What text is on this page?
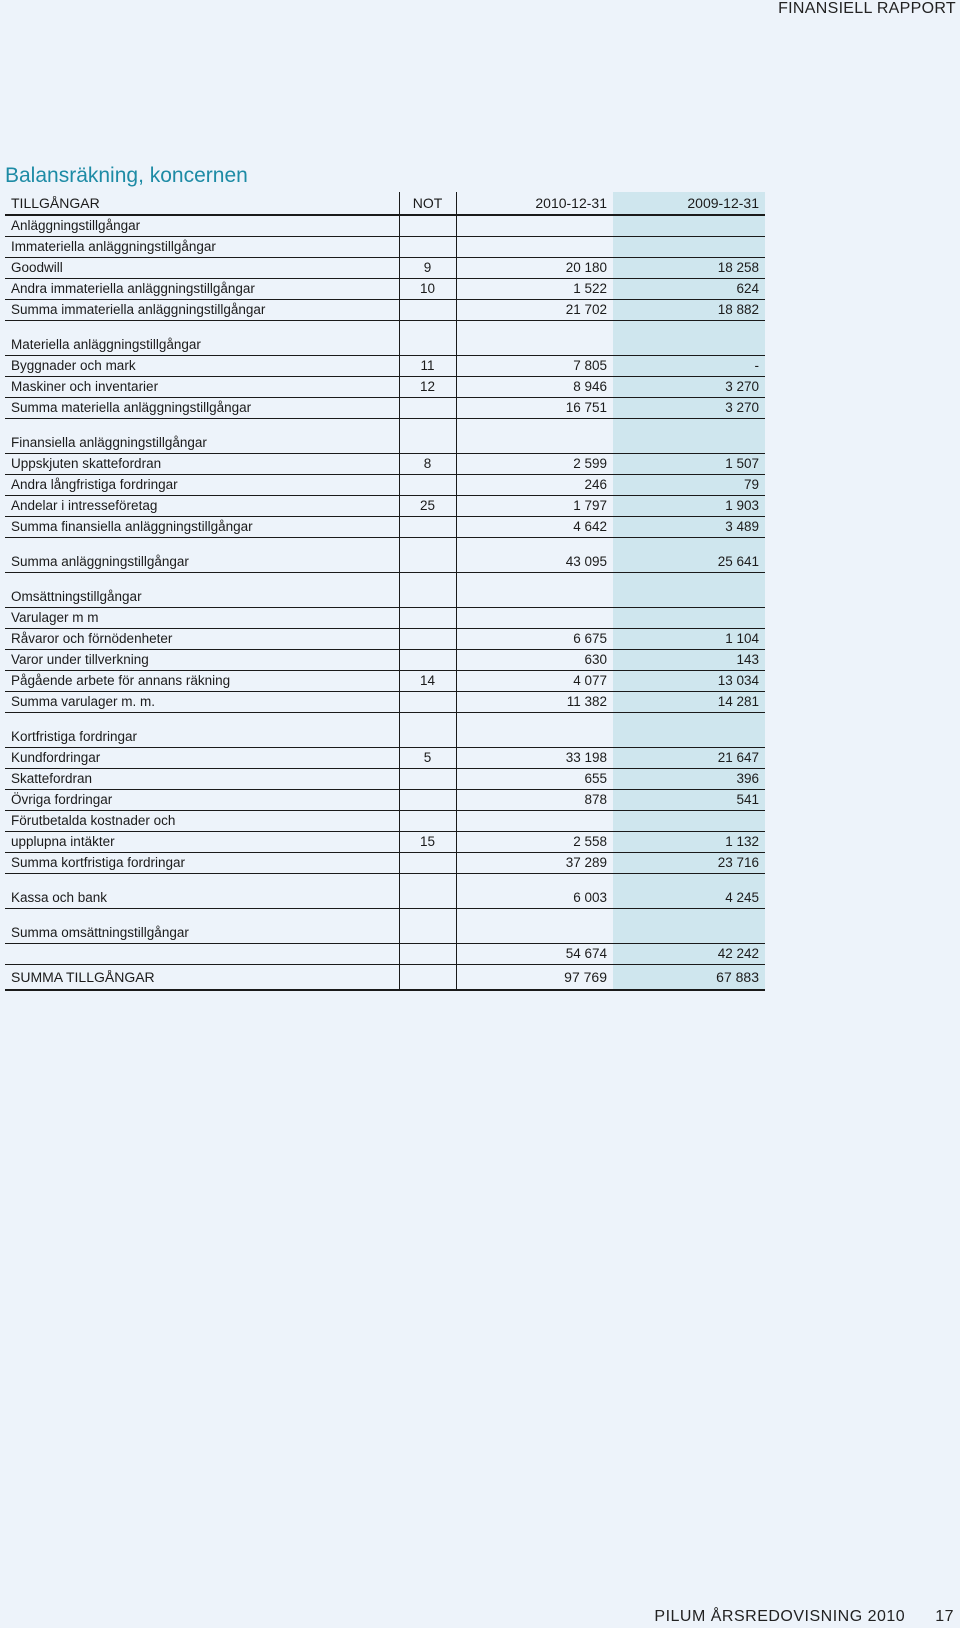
FINANSIELL RAPPORT
Balansräkning, koncernen
TILLGÅNGAR	NOT	2010-12-31	2009-12-31
Anläggningstillgångar			
Immateriella anläggningstillgångar			
Goodwill	9	20 180	18 258
Andra immateriella anläggningstillgångar	10	1 522	624
Summa immateriella anläggningstillgångar		21 702	18 882

Materiella anläggningstillgångar			
Byggnader och mark	11	7 805	-
Maskiner och inventarier	12	8 946	3 270
Summa materiella anläggningstillgångar		16 751	3 270

Finansiella anläggningstillgångar			
Uppskjuten skattefordran	8	2 599	1 507
Andra långfristiga fordringar		246	79
Andelar i intresseföretag	25	1 797	1 903
Summa finansiella anläggningstillgångar		4 642	3 489

Summa anläggningstillgångar		43 095	25 641

Omsättningstillgångar			
Varulager m m			
Råvaror och förnödenheter		6 675	1 104
Varor under tillverkning		630	143
Pågående arbete för annans räkning	14	4 077	13 034
Summa varulager m. m.		11 382	14 281

Kortfristiga fordringar			
Kundfordringar	5	33 198	21 647
Skattefordran		655	396
Övriga fordringar		878	541
Förutbetalda kostnader och			
upplupna intäkter	15	2 558	1 132
Summa kortfristiga fordringar		37 289	23 716

Kassa och bank		6 003	4 245

Summa omsättningstillgångar			
		54 674	42 242
SUMMA TILLGÅNGAR		97 769	67 883
PILUM ÅRSREDOVISNING 2010 17
